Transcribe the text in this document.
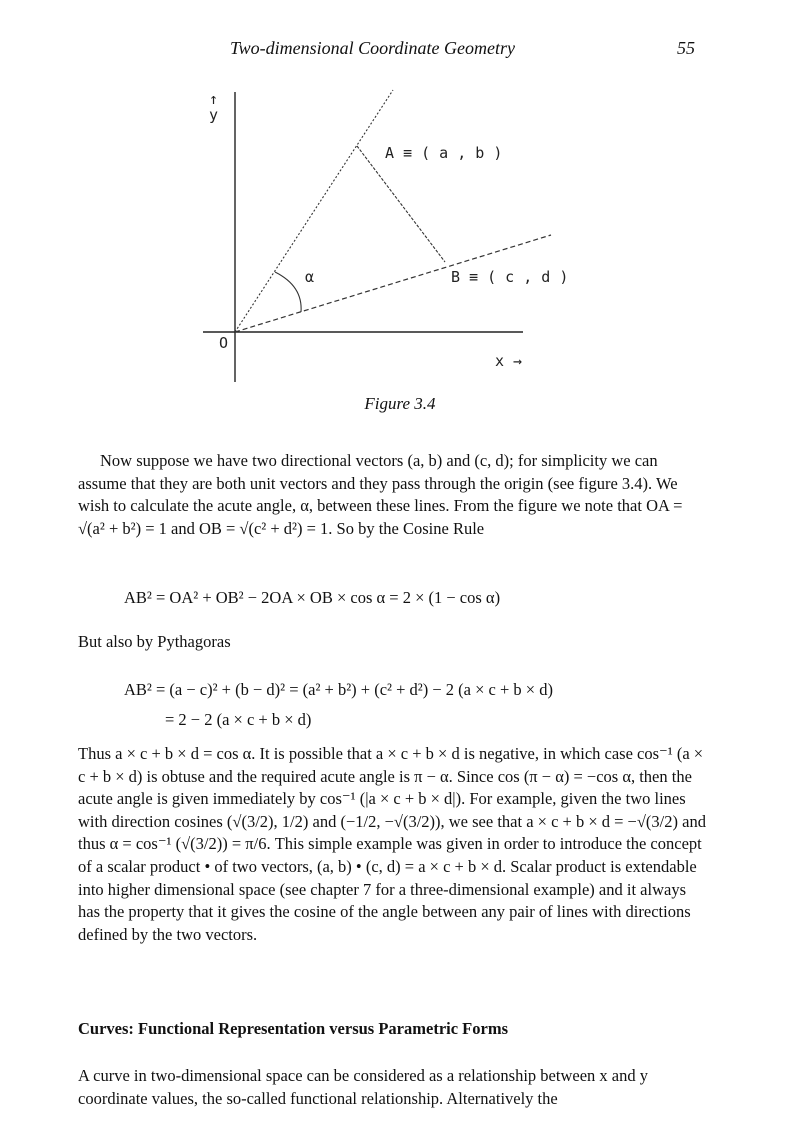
Two-dimensional Coordinate Geometry	55
↑
y
O
x →
A ≡ ( a , b )
B ≡ ( c , d )
α
Figure 3.4

Now suppose we have two directional vectors (a, b) and (c, d); for simplicity we can assume that they are both unit vectors and they pass through the origin (see figure 3.4). We wish to calculate the acute angle, α, between these lines. From the figure we note that OA = √(a² + b²) = 1 and OB = √(c² + d²) = 1. So by the Cosine Rule

AB² = OA² + OB² − 2OA × OB × cos α = 2 × (1 − cos α)

But also by Pythagoras

AB² = (a − c)² + (b − d)² = (a² + b²) + (c² + d²) − 2 (a × c + b × d)
= 2 − 2 (a × c + b × d)

Thus a × c + b × d = cos α. It is possible that a × c + b × d is negative, in which case cos⁻¹ (a × c + b × d) is obtuse and the required acute angle is π − α. Since cos (π − α) = −cos α, then the acute angle is given immediately by cos⁻¹ (|a × c + b × d|). For example, given the two lines with direction cosines (√(3/2), 1/2) and (−1/2, −√(3/2)), we see that a × c + b × d = −√(3/2) and thus α = cos⁻¹ (√(3/2)) = π/6. This simple example was given in order to introduce the concept of a scalar product • of two vectors, (a, b) • (c, d) = a × c + b × d. Scalar product is extendable into higher dimensional space (see chapter 7 for a three-dimensional example) and it always has the property that it gives the cosine of the angle between any pair of lines with directions defined by the two vectors.

Curves: Functional Representation versus Parametric Forms

A curve in two-dimensional space can be considered as a relationship between x and y coordinate values, the so-called functional relationship. Alternatively the
